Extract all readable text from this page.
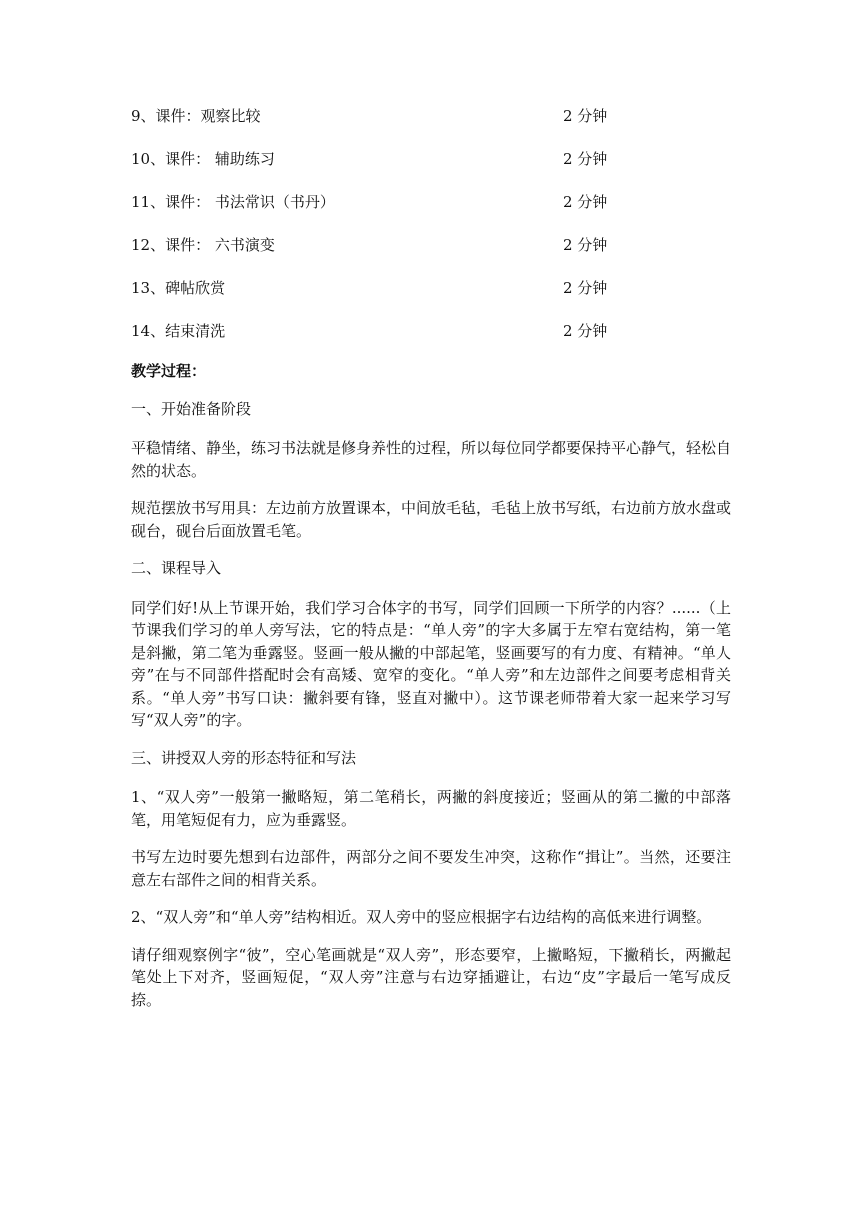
9、课件：观察比较	2 分钟
10、课件： 辅助练习	2 分钟
11、课件： 书法常识（书丹）	2 分钟
12、课件： 六书演变	2 分钟
13、碑帖欣赏	2 分钟
14、结束清洗	2 分钟
教学过程：

一、开始准备阶段

平稳情绪、静坐，练习书法就是修身养性的过程，所以每位同学都要保持平心静气，轻松自然的状态。

规范摆放书写用具：左边前方放置课本，中间放毛毡，毛毡上放书写纸，右边前方放水盘或砚台，砚台后面放置毛笔。

二、课程导入

同学们好!从上节课开始，我们学习合体字的书写，同学们回顾一下所学的内容？......（上节课我们学习的单人旁写法，它的特点是：“单人旁”的字大多属于左窄右宽结构，第一笔是斜撇，第二笔为垂露竖。竖画一般从撇的中部起笔，竖画要写的有力度、有精神。“单人旁”在与不同部件搭配时会有高矮、宽窄的变化。“单人旁”和左边部件之间要考虑相背关系。“单人旁”书写口诀：撇斜要有锋，竖直对撇中）。这节课老师带着大家一起来学习写写“双人旁”的字。

三、讲授双人旁的形态特征和写法

1、“双人旁”一般第一撇略短，第二笔稍长，两撇的斜度接近；竖画从的第二撇的中部落笔，用笔短促有力，应为垂露竖。

书写左边时要先想到右边部件，两部分之间不要发生冲突，这称作“揖让”。当然，还要注意左右部件之间的相背关系。

2、“双人旁”和“单人旁”结构相近。双人旁中的竖应根据字右边结构的高低来进行调整。

请仔细观察例字“彼”，空心笔画就是“双人旁”，形态要窄，上撇略短，下撇稍长，两撇起笔处上下对齐，竖画短促，“双人旁”注意与右边穿插避让，右边“皮”字最后一笔写成反捺。
